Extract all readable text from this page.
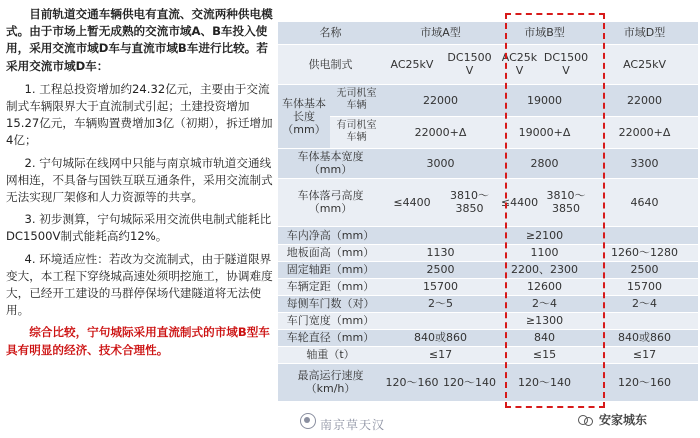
目前轨道交通车辆供电有直流、交流两种供电模式。由于市场上暂无成熟的交流市域A、B车投入使用，采用交流市域D车与直流市域B车进行比较。若采用交流市域D车：

1. 工程总投资增加约24.32亿元，主要由于交流制式车辆限界大于直流制式引起；土建投资增加15.27亿元，车辆购置费增加3亿（初期），拆迁增加4亿；

2. 宁句城际在线网中只能与南京城市轨道交通线网相连，不具备与国铁互联互通条件，采用交流制式无法实现厂架修和人力资源等的共享。

3. 初步测算，宁句城际采用交流供电制式能耗比DC1500V制式能耗高约12%。

4. 环境适应性：若改为交流制式，由于隧道限界变大，本工程下穿绕城高速处须明挖施工，协调难度大，已经开工建设的马群停保场代建隧道将无法使用。

综合比较，宁句城际采用直流制式的市域B型车具有明显的经济、技术合理性。

名称		市域A型		市域B型		市域D型
供电制式		AC25kV	DC1500 V	AC25k V	DC1500 V	AC25kV
车体基本长度（mm）	无司机室车辆	22000		19000		22000
	有司机室车辆	22000+Δ		19000+Δ		22000+Δ
车体基本宽度（mm）		3000		2800		3300
车体落弓高度（mm）		≤4400	3810～3850	≤4400	3810～3850	4640
车内净高（mm）				≥2100		
地板面高（mm）		1130		1100		1260～1280
固定轴距（mm）		2500		2200、2300		2500
车辆定距（mm）		15700		12600		15700
每侧车门数（对）		2～5		2～4		2～4
车门宽度（mm）				≥1300		
车轮直径（mm）		840或860		840		840或860
轴重（t）		≤17		≤15		≤17
最高运行速度（km/h）		120～160	120～140	120～140		120～160
南京草天汉	安家城东
